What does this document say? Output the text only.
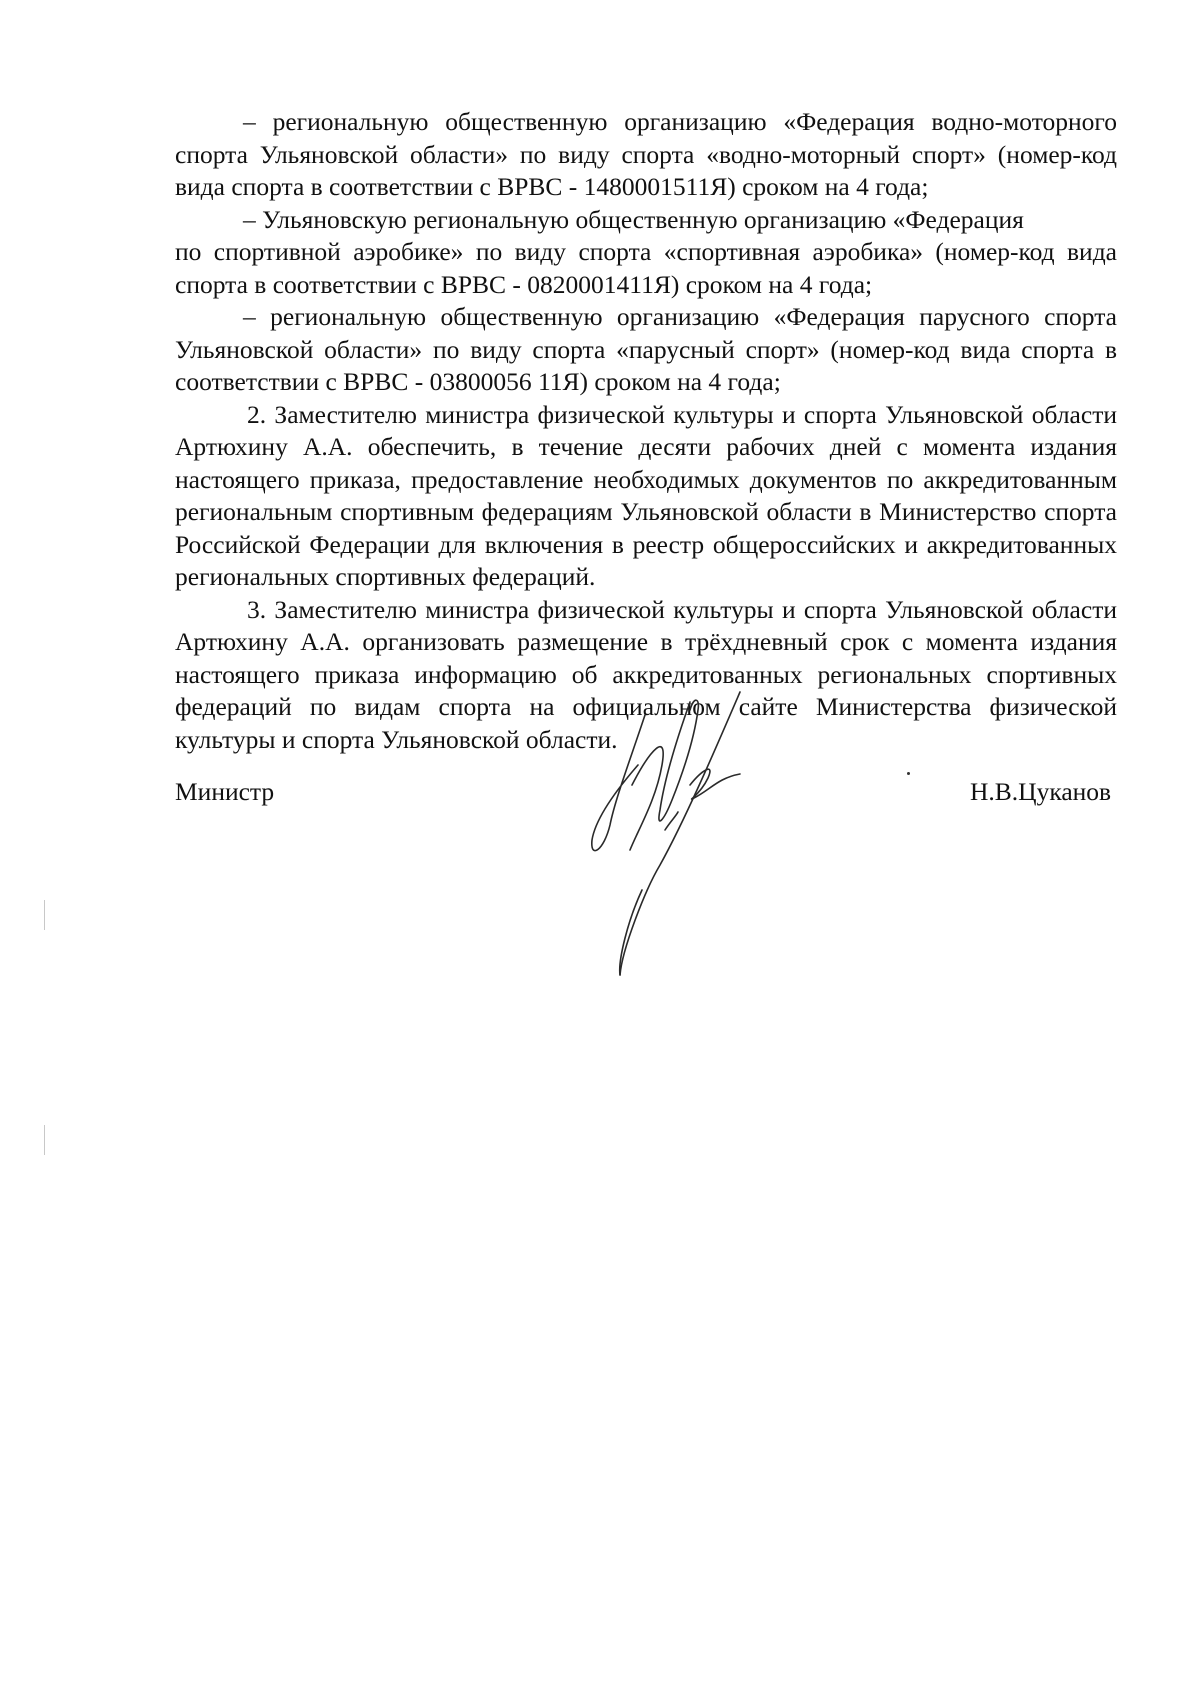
– региональную общественную организацию «Федерация водно-моторного спорта Ульяновской области» по виду спорта «водно-моторный спорт» (номер-код вида спорта в соответствии с ВРВС - 1480001511Я) сроком на 4 года;

– Ульяновскую региональную общественную организацию «Федерация
по спортивной аэробике» по виду спорта «спортивная аэробика» (номер-код вида спорта в соответствии с ВРВС - 0820001411Я) сроком на 4 года;

– региональную общественную организацию «Федерация парусного спорта Ульяновской области» по виду спорта «парусный спорт» (номер-код вида спорта в соответствии с ВРВС - 03800056 11Я) сроком на 4 года;

2. Заместителю министра физической культуры и спорта Ульяновской области Артюхину А.А. обеспечить, в течение десяти рабочих дней с момента издания настоящего приказа, предоставление необходимых документов по аккредитованным региональным спортивным федерациям Ульяновской области в Министерство спорта Российской Федерации для включения в реестр общероссийских и аккредитованных региональных спортивных федераций.

3. Заместителю министра физической культуры и спорта Ульяновской области Артюхину А.А. организовать размещение в трёхдневный срок с момента издания настоящего приказа информацию об аккредитованных региональных спортивных федераций по видам спорта на официальном сайте Министерства физической культуры и спорта Ульяновской области.

Министр	Н.В.Цуканов
